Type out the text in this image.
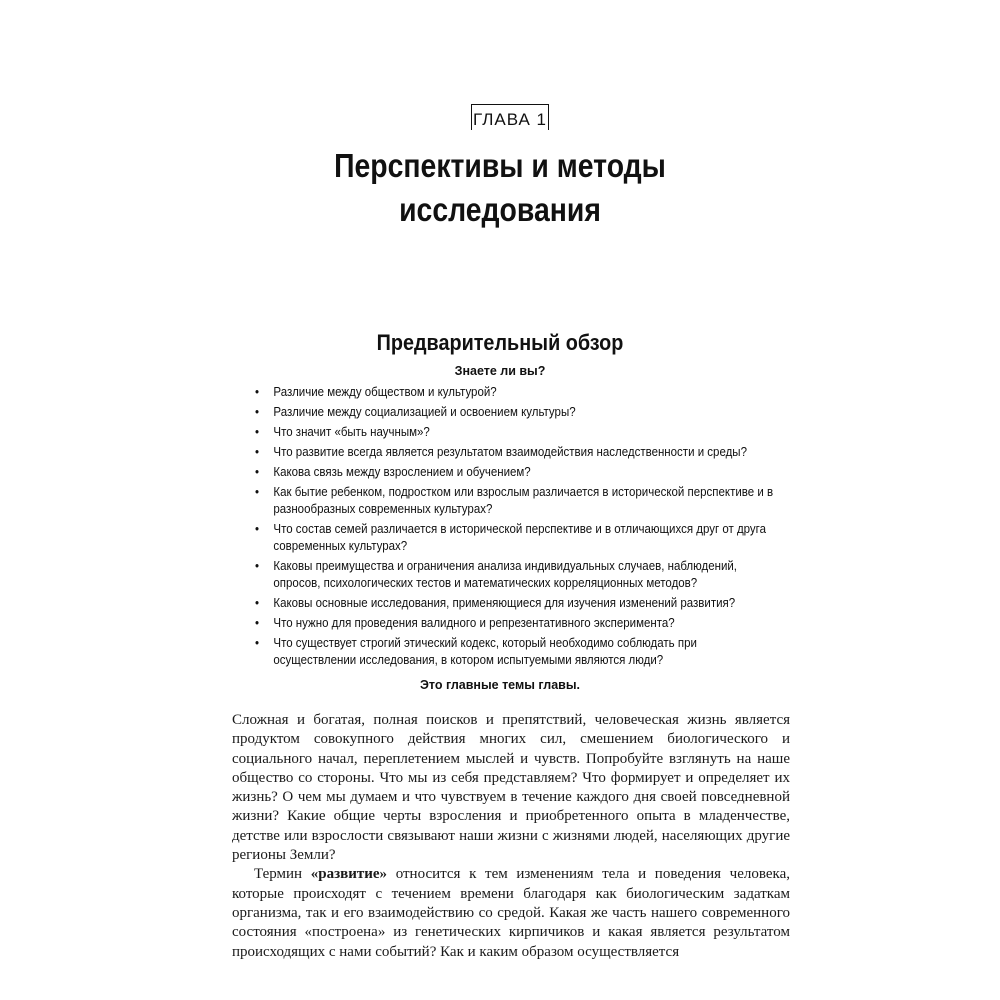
ГЛАВА 1
Перспективы и методы
исследования
Предварительный обзор
Знаете ли вы?
• Различие между обществом и культурой?
• Различие между социализацией и освоением культуры?
• Что значит «быть научным»?
• Что развитие всегда является результатом взаимодействия наследственности и среды?
• Какова связь между взрослением и обучением?
• Как бытие ребенком, подростком или взрослым различается в исторической перспективе и в разнообразных современных культурах?
• Что состав семей различается в исторической перспективе и в отличающихся друг от друга современных культурах?
• Каковы преимущества и ограничения анализа индивидуальных случаев, наблюдений, опросов, психологических тестов и математических корреляционных методов?
• Каковы основные исследования, применяющиеся для изучения изменений развития?
• Что нужно для проведения валидного и репрезентативного эксперимента?
• Что существует строгий этический кодекс, который необходимо соблюдать при осуществлении исследования, в котором испытуемыми являются люди?
Это главные темы главы.

Сложная и богатая, полная поисков и препятствий, человеческая жизнь является продуктом совокупного действия многих сил, смешением биологического и социального начал, переплетением мыслей и чувств. Попробуйте взглянуть на наше общество со стороны. Что мы из себя представляем? Что формирует и определяет их жизнь? О чем мы думаем и что чувствуем в течение каждого дня своей повседневной жизни? Какие общие черты взросления и приобретенного опыта в младенчестве, детстве или взрослости связывают наши жизни с жизнями людей, населяющих другие регионы Земли?

Термин «развитие» относится к тем изменениям тела и поведения человека, которые происходят с течением времени благодаря как биологическим задаткам организма, так и его взаимодействию со средой. Какая же часть нашего современного состояния «построена» из генетических кирпичиков и какая является результатом происходящих с нами событий? Как и каким образом осуществляется
